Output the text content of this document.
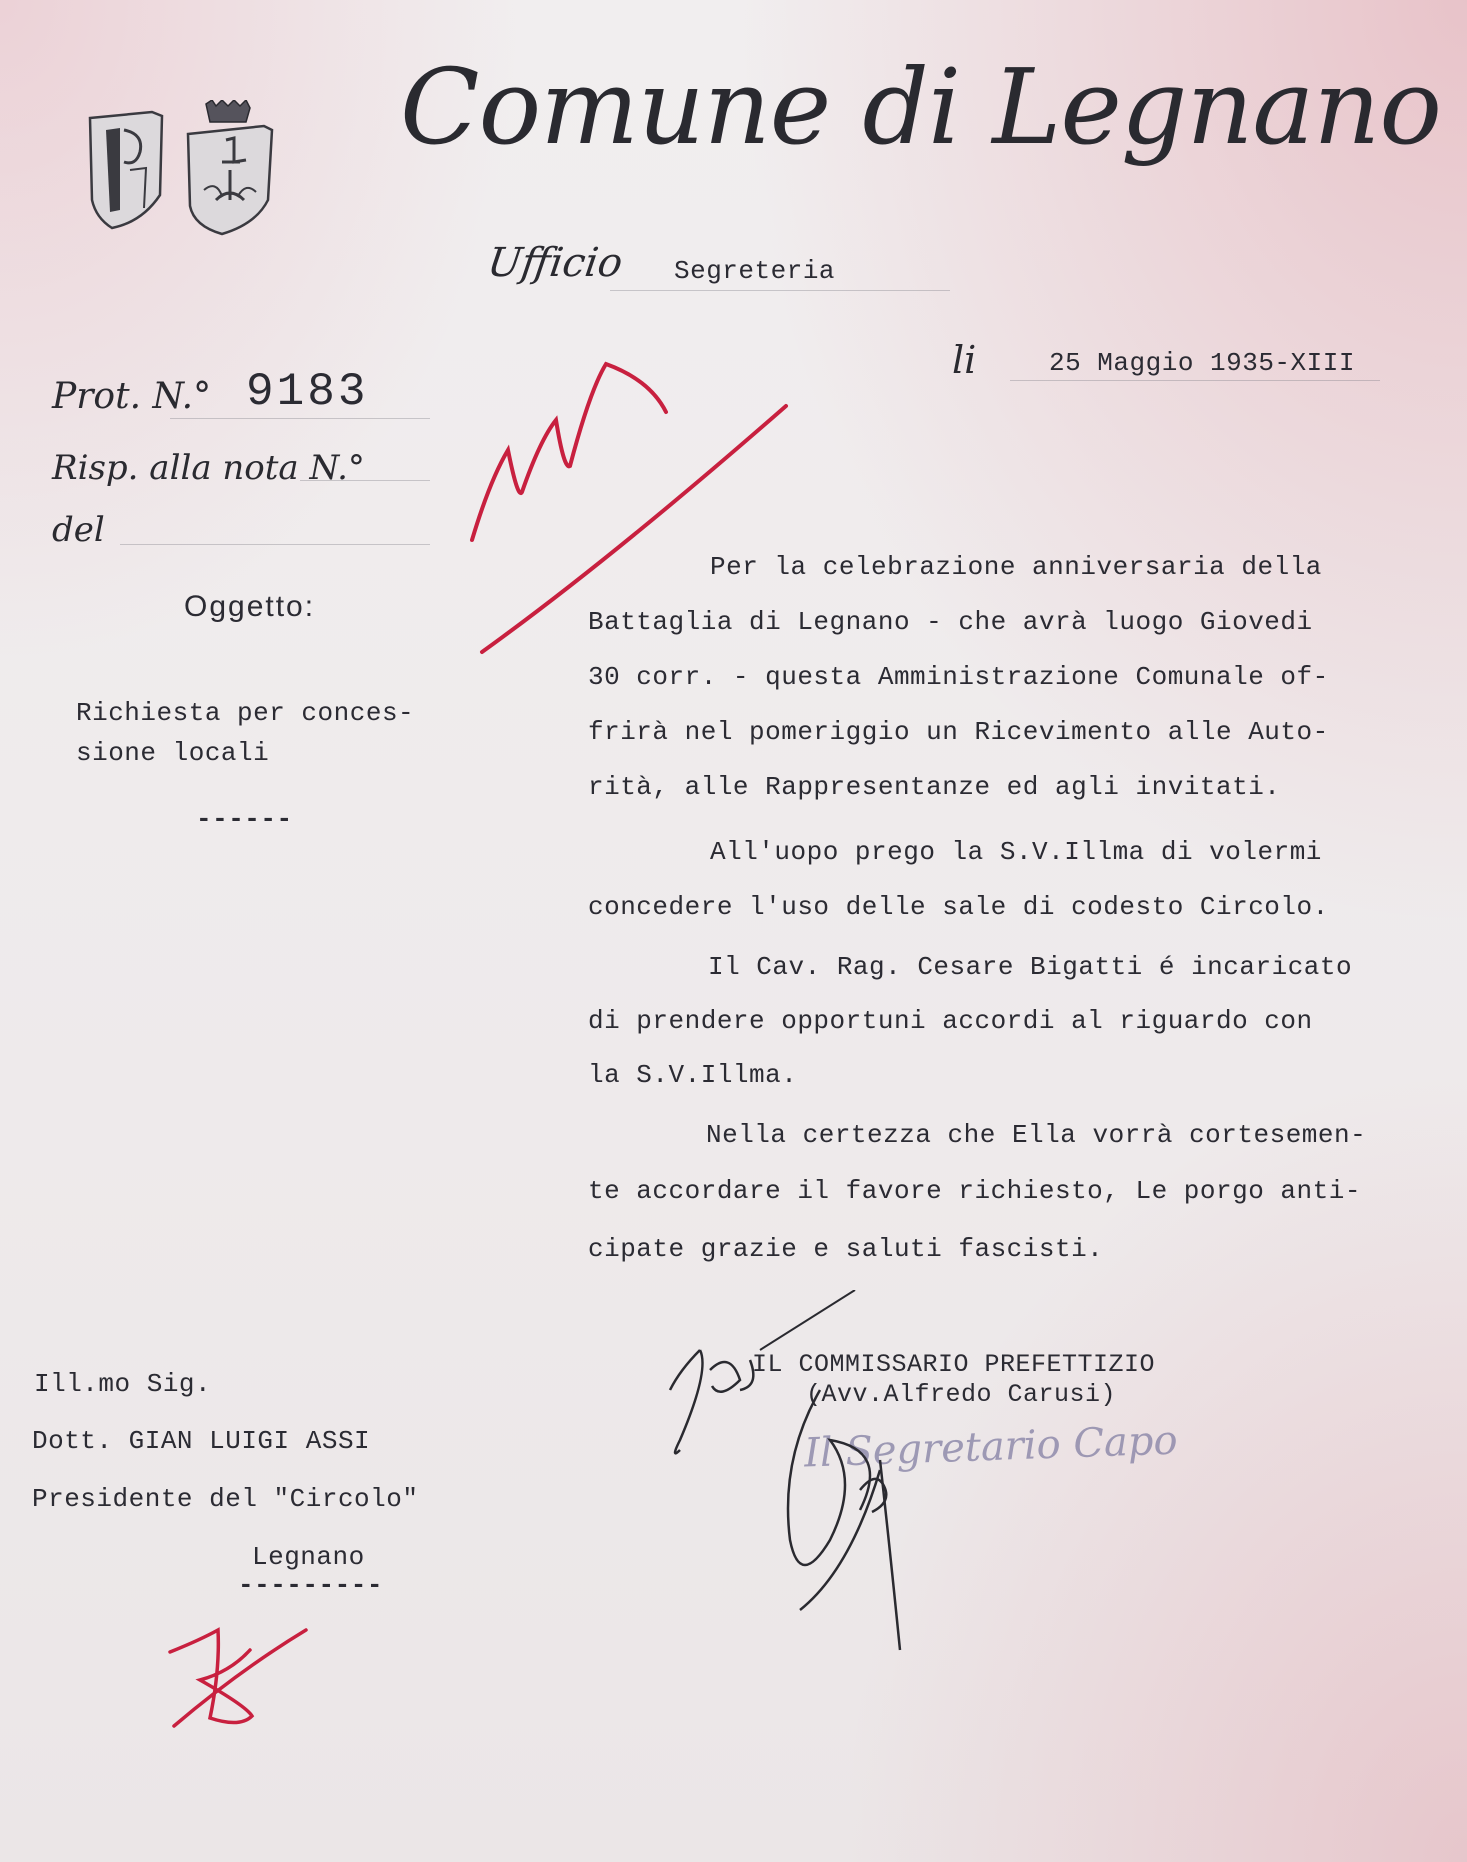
Comune di Legnano
Ufficio Segreteria
li	25 Maggio 1935-XIII
Prot. N.° 9183
Risp. alla nota N.°
del
Oggetto:
Richiesta per conces-
sione locali
------
Per la celebrazione anniversaria della
Battaglia di Legnano - che avrà luogo Giovedi
30 corr. - questa Amministrazione Comunale of-
frirà nel pomeriggio un Ricevimento alle Auto-
rità, alle Rappresentanze ed agli invitati.
All'uopo prego la S.V.Illma di volermi
concedere l'uso delle sale di codesto Circolo.
Il Cav. Rag. Cesare Bigatti é incaricato
di prendere opportuni accordi al riguardo con
la S.V.Illma.
Nella certezza che Ella vorrà cortesemen-
te accordare il favore richiesto, Le porgo anti-
cipate grazie e saluti fascisti.
IL COMMISSARIO PREFETTIZIO
(Avv.Alfredo Carusi)
Il Segretario Capo
Ill.mo Sig.
Dott. GIAN LUIGI ASSI
Presidente del "Circolo"
Legnano
---------
